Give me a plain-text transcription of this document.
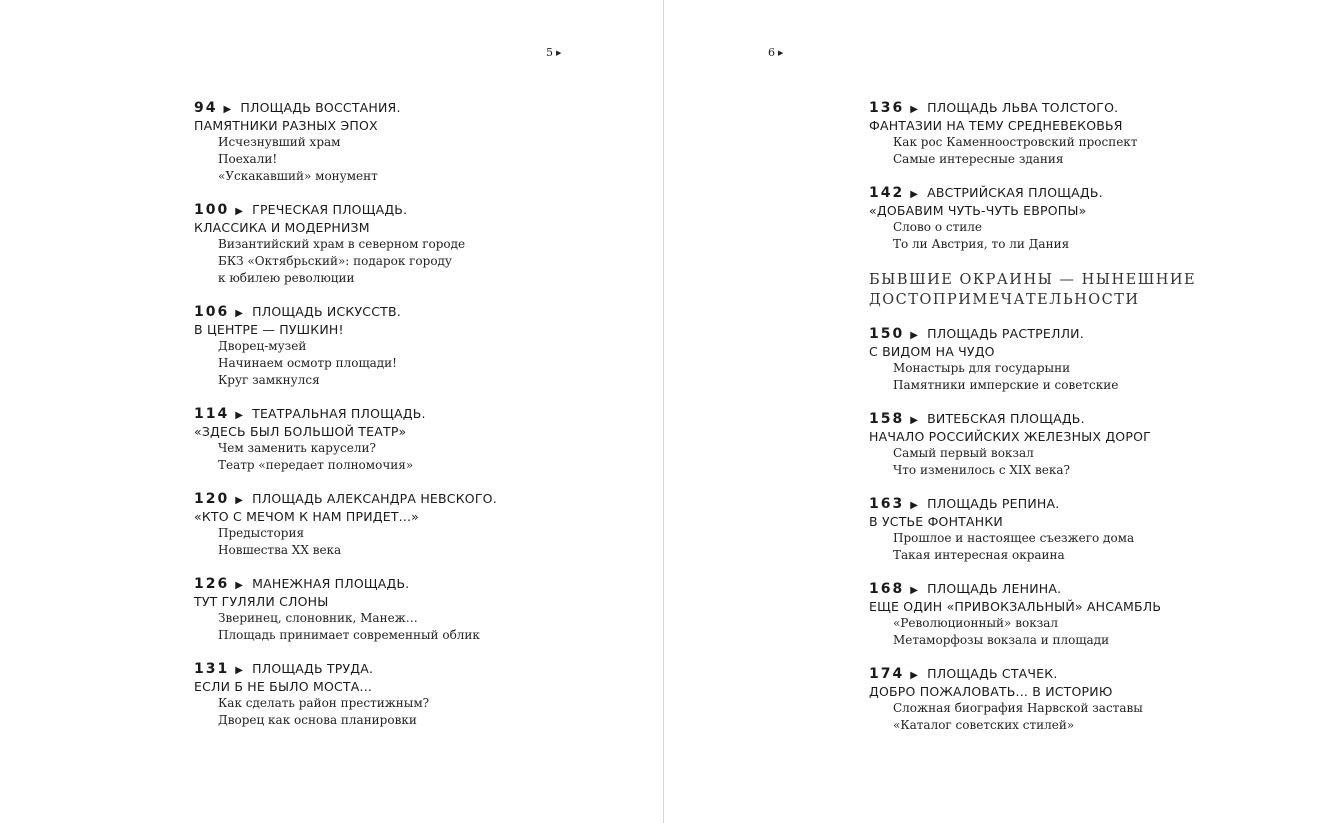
5 ▶
94 ▶ ПЛОЩАДЬ ВОССТАНИЯ.
ПАМЯТНИКИ РАЗНЫХ ЭПОХ
Исчезнувший храм
Поехали!
«Ускакавший» монумент
100 ▶ ГРЕЧЕСКАЯ ПЛОЩАДЬ.
КЛАССИКА И МОДЕРНИЗМ
Византийский храм в северном городе
БКЗ «Октябрьский»: подарок городу
к юбилею революции
106 ▶ ПЛОЩАДЬ ИСКУССТВ.
В ЦЕНТРЕ — ПУШКИН!
Дворец-музей
Начинаем осмотр площади!
Круг замкнулся
114 ▶ ТЕАТРАЛЬНАЯ ПЛОЩАДЬ.
«ЗДЕСЬ БЫЛ БОЛЬШОЙ ТЕАТР»
Чем заменить карусели?
Театр «передает полномочия»
120 ▶ ПЛОЩАДЬ АЛЕКСАНДРА НЕВСКОГО.
«КТО С МЕЧОМ К НАМ ПРИДЕТ...»
Предыстория
Новшества XX века
126 ▶ МАНЕЖНАЯ ПЛОЩАДЬ.
ТУТ ГУЛЯЛИ СЛОНЫ
Зверинец, слоновник, Манеж…
Площадь принимает современный облик
131 ▶ ПЛОЩАДЬ ТРУДА.
ЕСЛИ Б НЕ БЫЛО МОСТА...
Как сделать район престижным?
Дворец как основа планировки
6 ▶
136 ▶ ПЛОЩАДЬ ЛЬВА ТОЛСТОГО.
ФАНТАЗИИ НА ТЕМУ СРЕДНЕВЕКОВЬЯ
Как рос Каменноостровский проспект
Самые интересные здания
142 ▶ АВСТРИЙСКАЯ ПЛОЩАДЬ.
«ДОБАВИМ ЧУТЬ-ЧУТЬ ЕВРОПЫ»
Слово о стиле
То ли Австрия, то ли Дания
БЫВШИЕ ОКРАИНЫ — НЫНЕШНИЕ
ДОСТОПРИМЕЧАТЕЛЬНОСТИ
150 ▶ ПЛОЩАДЬ РАСТРЕЛЛИ.
С ВИДОМ НА ЧУДО
Монастырь для государыни
Памятники имперские и советские
158 ▶ ВИТЕБСКАЯ ПЛОЩАДЬ.
НАЧАЛО РОССИЙСКИХ ЖЕЛЕЗНЫХ ДОРОГ
Самый первый вокзал
Что изменилось с XIX века?
163 ▶ ПЛОЩАДЬ РЕПИНА.
В УСТЬЕ ФОНТАНКИ
Прошлое и настоящее съезжего дома
Такая интересная окраина
168 ▶ ПЛОЩАДЬ ЛЕНИНА.
ЕЩЕ ОДИН «ПРИВОКЗАЛЬНЫЙ» АНСАМБЛЬ
«Революционный» вокзал
Метаморфозы вокзала и площади
174 ▶ ПЛОЩАДЬ СТАЧЕК.
ДОБРО ПОЖАЛОВАТЬ... В ИСТОРИЮ
Сложная биография Нарвской заставы
«Каталог советских стилей»
